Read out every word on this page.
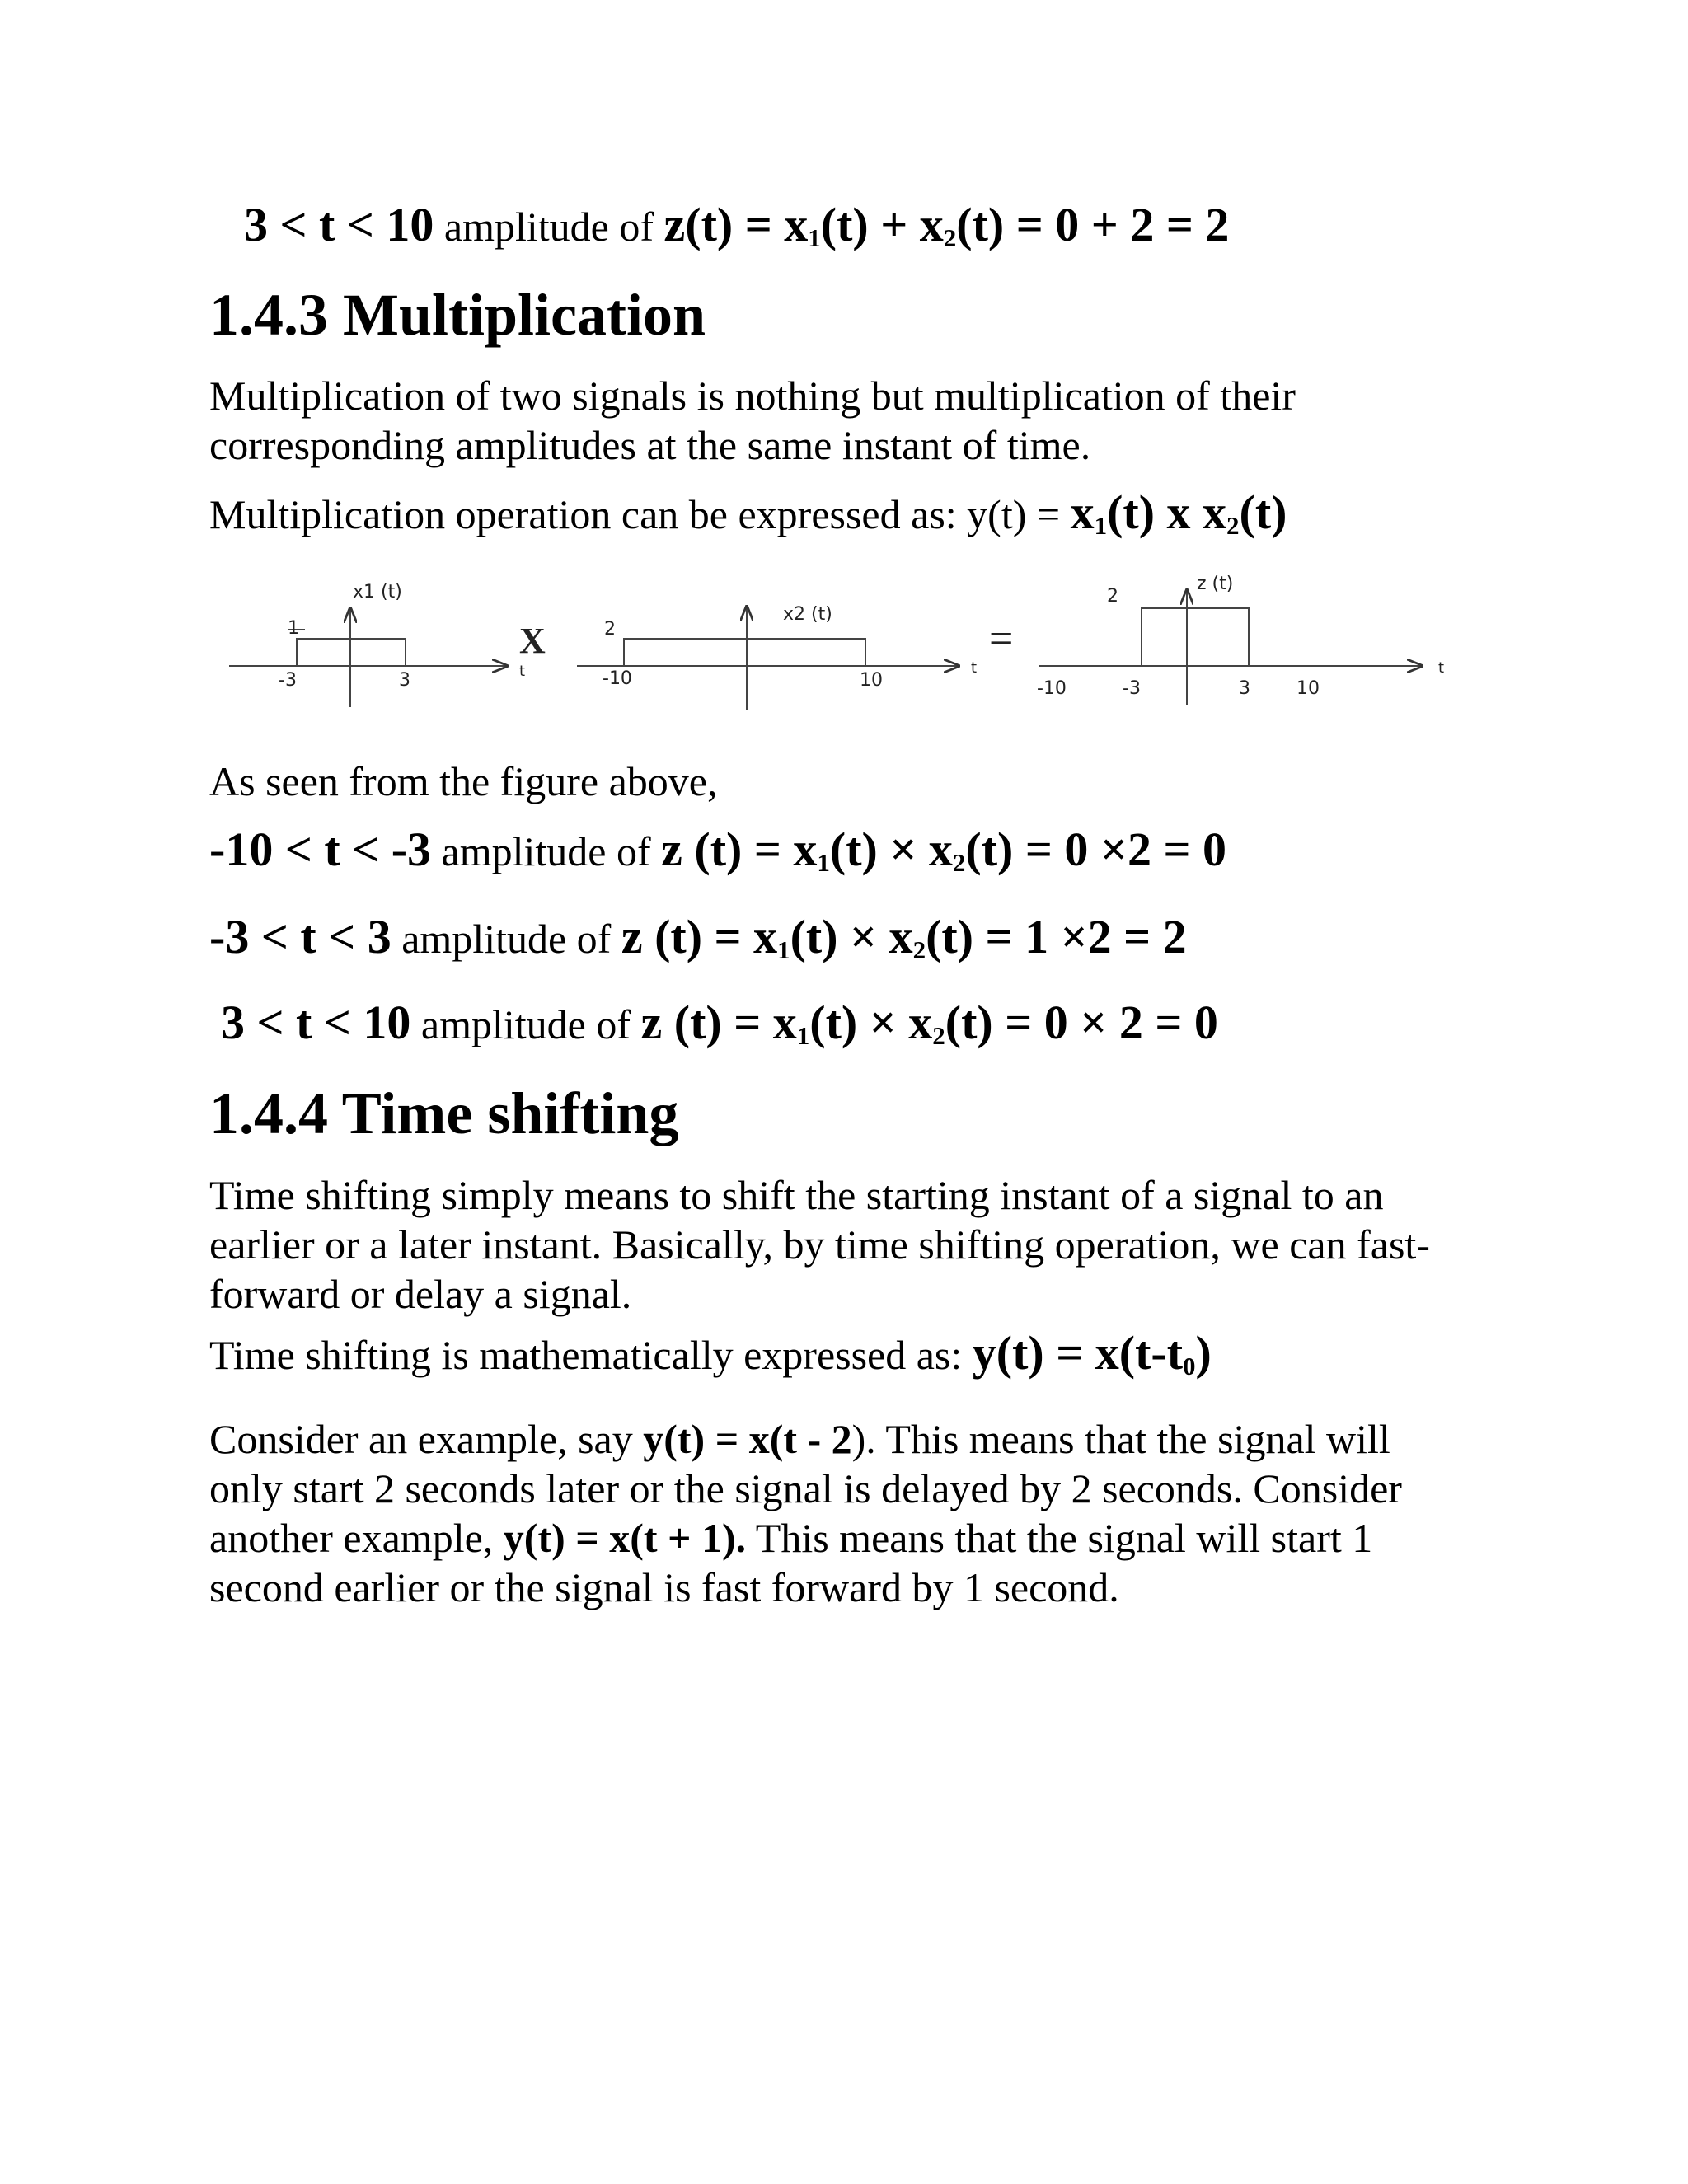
3 < t < 10 amplitude of $z(t) = x_1(t) + x_2(t) = 0 + 2 = 2$
1.4.3 Multiplication
Multiplication of two signals is nothing but multiplication of their corresponding amplitudes at the same instant of time.
Multiplication operation can be expressed as: $y(t) = x_1(t)$ x $x_2(t)$
x1 (t)
1
-3	3	t
x2 (t)
2
-10	10
t
z (t)
2
-10	-3	3	10
t
X	=
As seen from the figure above,
-10 < t < -3 amplitude of z $(t) = x_1(t) \times x_2(t) = 0 \times 2 = 0$
-3 < t < 3 amplitude of z $(t) = x_1(t) \times x_2(t) = 1 \times 2 = 2$
3 < t < 10 amplitude of z $(t) = x_1(t) \times x_2(t) = 0 \times 2 = 0$
1.4.4 Time shifting
Time shifting simply means to shift the starting instant of a signal to an earlier or a later instant. Basically, by time shifting operation, we can fast-forward or delay a signal.
Time shifting is mathematically expressed as: $y(t) = x(t-t_0)$
Consider an example, say y(t) = x(t - 2). This means that the signal will only start 2 seconds later or the signal is delayed by 2 seconds. Consider another example, y(t) = x(t + 1). This means that the signal will start 1 second earlier or the signal is fast forward by 1 second.
